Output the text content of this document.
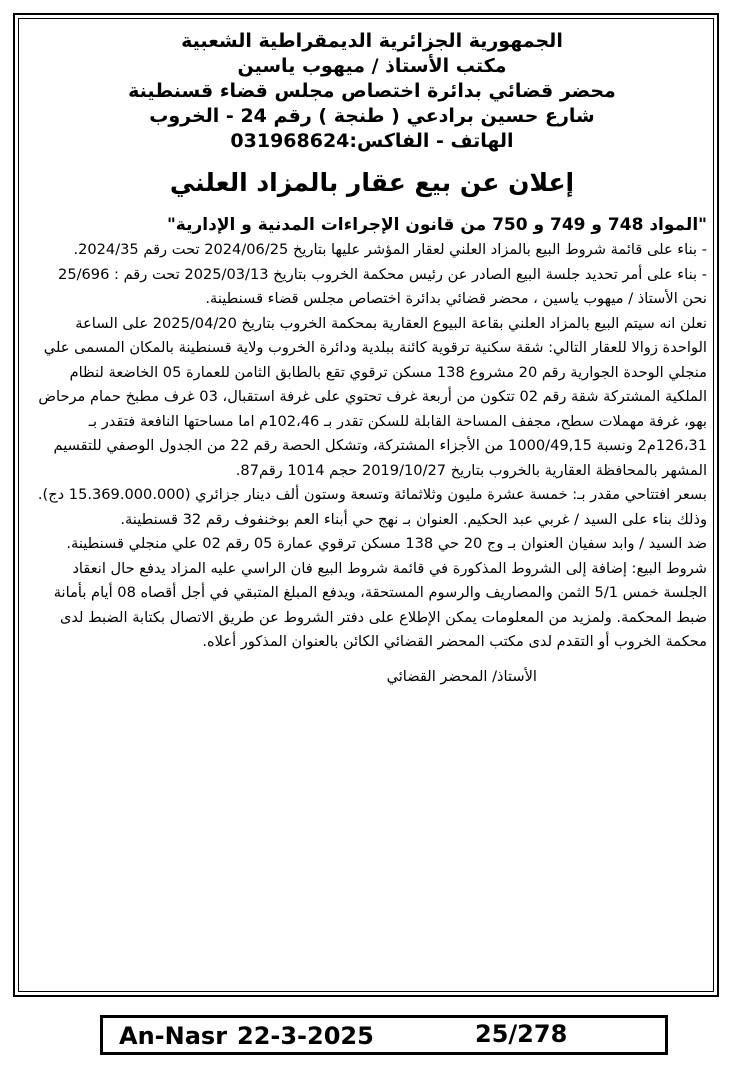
الجمهورية الجزائرية الديمقراطية الشعبية
مكتب الأستاذ / ميهوب ياسين
محضر قضائي بدائرة اختصاص مجلس قضاء قسنطينة
شارع حسين برادعي ( طنجة ) رقم 24 - الخروب
الهاتف - الفاكس:031968624
إعلان عن بيع عقار بالمزاد العلني
"المواد 748 و 749 و 750 من قانون الإجراءات المدنية و الإدارية"

- بناء على قائمة شروط البيع بالمزاد العلني لعقار المؤشر عليها بتاريخ 2024/06/25 تحت رقم 2024/35.

- بناء على أمر تحديد جلسة البيع الصادر عن رئيس محكمة الخروب بتاريخ 2025/03/13 تحت رقم : 25/696

نحن الأستاذ / ميهوب ياسين ، محضر قضائي بدائرة اختصاص مجلس قضاء قسنطينة.

نعلن انه سيتم البيع بالمزاد العلني بقاعة البيوع العقارية بمحكمة الخروب بتاريخ 2025/04/20 على الساعة الواحدة زوالا للعقار التالي: شقة سكنية ترقوية كائنة ببلدية ودائرة الخروب ولاية قسنطينة بالمكان المسمى علي منجلي الوحدة الجوارية رقم 20 مشروع 138 مسكن ترقوي تقع بالطابق الثامن للعمارة 05 الخاضعة لنظام الملكية المشتركة شقة رقم 02 تتكون من أربعة غرف تحتوي على غرفة استقبال، 03 غرف مطبخ حمام مرحاض بهو، غرفة مهملات سطح، مجفف المساحة القابلة للسكن تقدر بـ 102،46م اما مساحتها النافعة فتقدر بـ 126،31م2 ونسبة 1000/49,15 من الأجزاء المشتركة، وتشكل الحصة رقم 22 من الجدول الوصفي للتقسيم المشهر بالمحافظة العقارية بالخروب بتاريخ 2019/10/27 حجم 1014 رقم87.

بسعر افتتاحي مقدر بـ: خمسة عشرة مليون وثلاثمائة وتسعة وستون ألف دينار جزائري (15.369.000.000 دج).

وذلك بناء على السيد / غربي عبد الحكيم. العنوان بـ نهج حي أبناء العم بوخنفوف رقم 32 قسنطينة.

ضد السيد / وابد سفيان العنوان بـ وج 20 حي 138 مسكن ترقوي عمارة 05 رقم 02 علي منجلي قسنطينة.

شروط البيع: إضافة إلى الشروط المذكورة في قائمة شروط البيع فان الراسي عليه المزاد يدفع حال انعقاد الجلسة خمس 5/1 الثمن والمصاريف والرسوم المستحقة، ويدفع المبلغ المتبقي في أجل أقصاه 08 أيام بأمانة ضبط المحكمة. ولمزيد من المعلومات يمكن الإطلاع على دفتر الشروط عن طريق الاتصال بكتابة الضبط لدى محكمة الخروب أو التقدم لدى مكتب المحضر القضائي الكائن بالعنوان المذكور أعلاه.

الأستاذ/ المحضر القضائي
An-Nasr 22-3-2025	25/278
